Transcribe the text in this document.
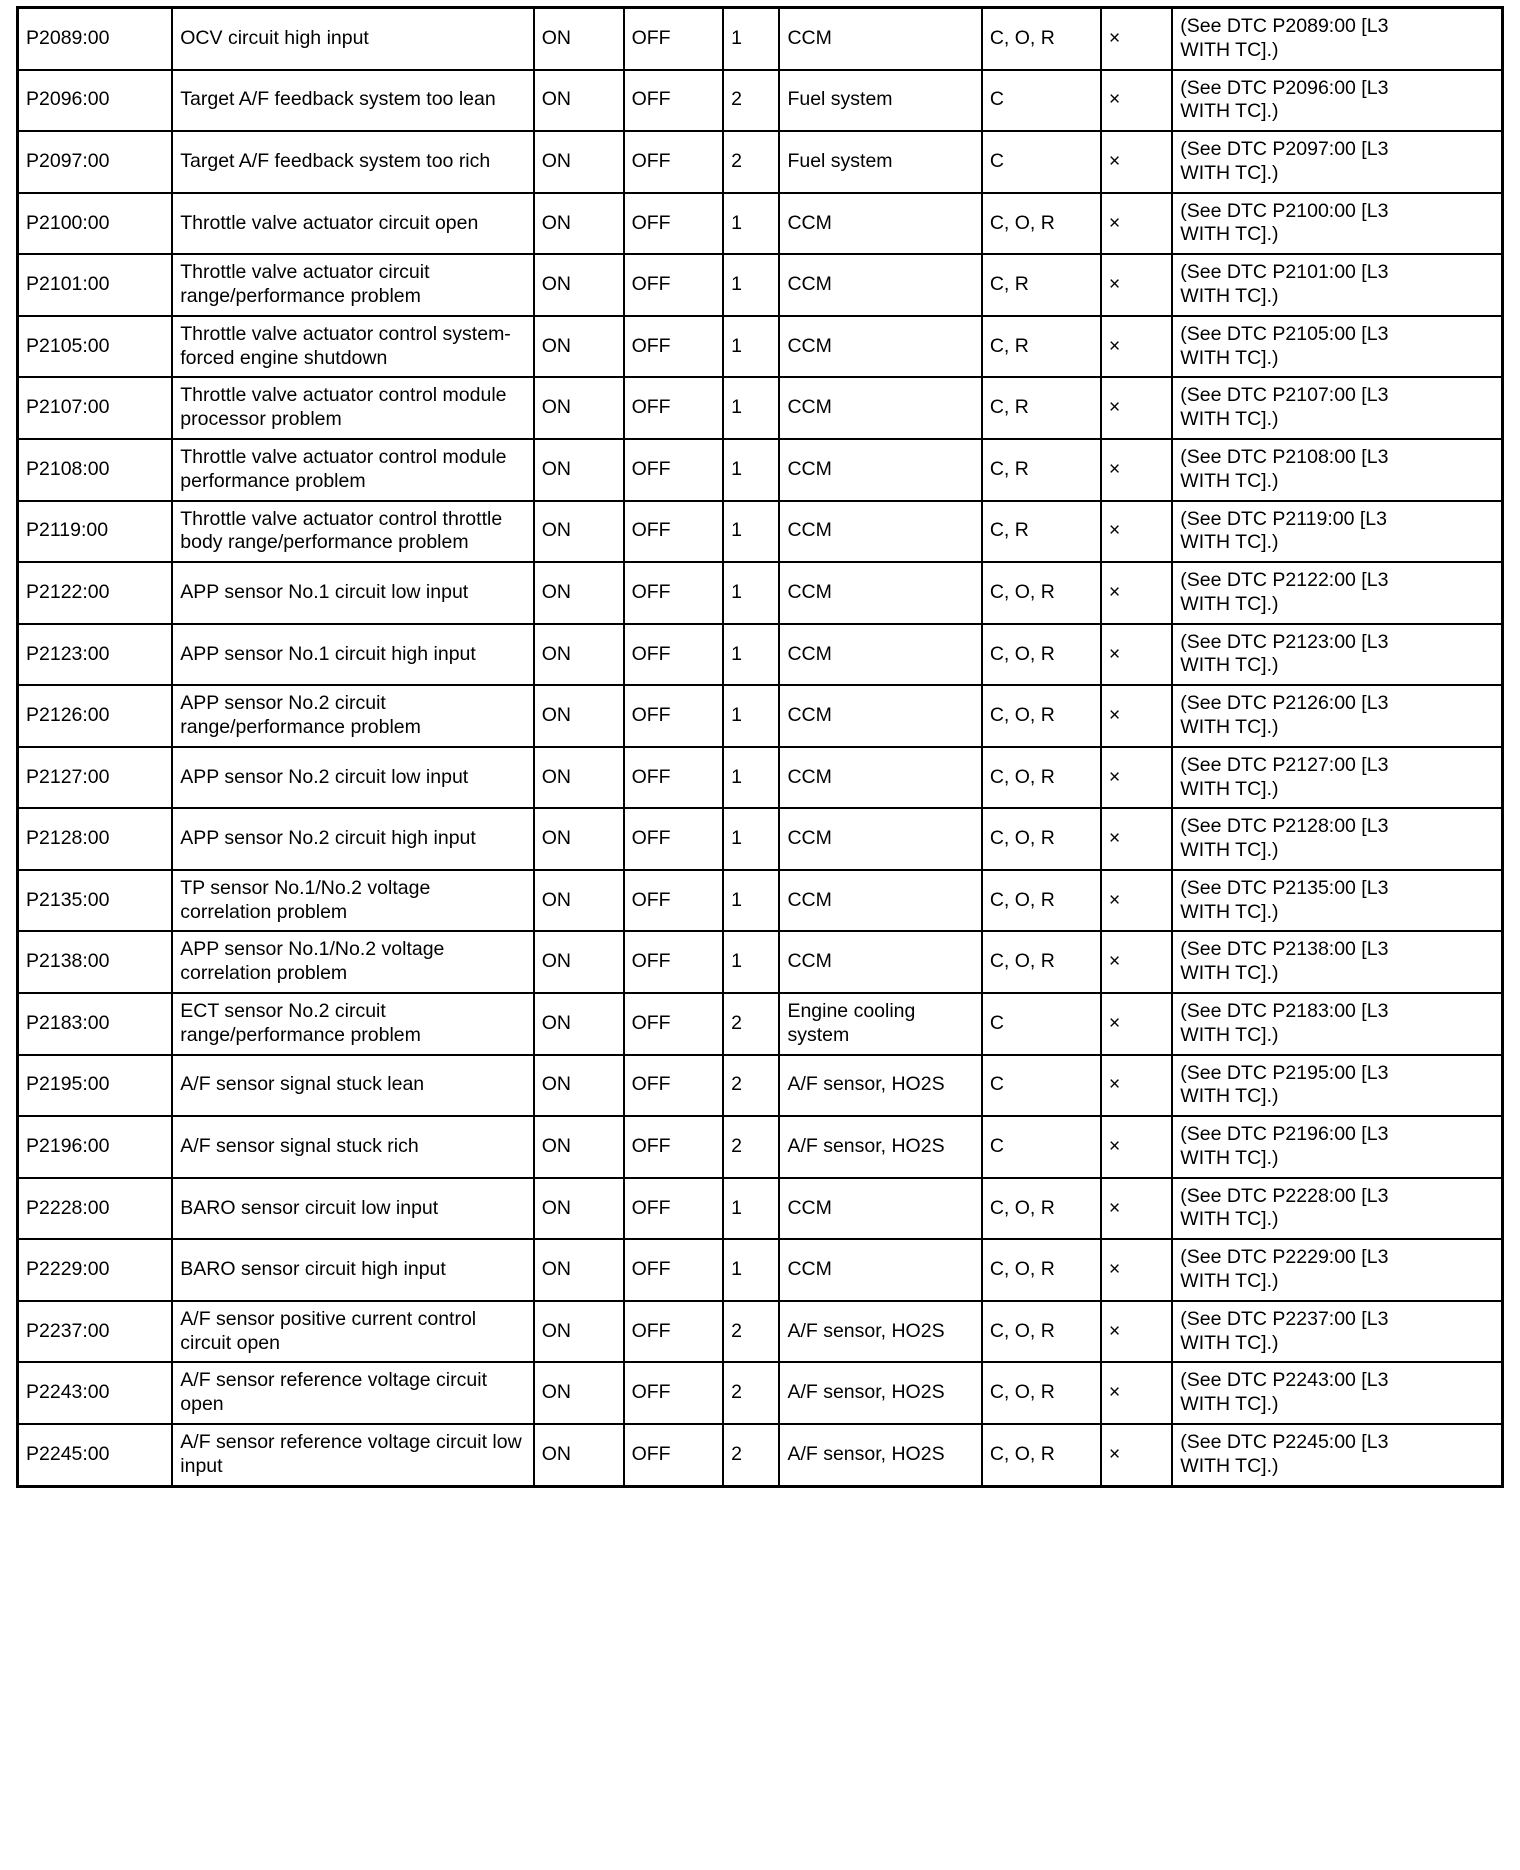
P2089:00	OCV circuit high input	ON	OFF	1	CCM	C, O, R	×	(See DTC P2089:00 [L3
WITH TC].)

P2096:00	Target A/F feedback system too lean	ON	OFF	2	Fuel system	C	×	(See DTC P2096:00 [L3
WITH TC].)

P2097:00	Target A/F feedback system too rich	ON	OFF	2	Fuel system	C	×	(See DTC P2097:00 [L3
WITH TC].)

P2100:00	Throttle valve actuator circuit open	ON	OFF	1	CCM	C, O, R	×	(See DTC P2100:00 [L3
WITH TC].)

P2101:00	Throttle valve actuator circuit range/performance problem	ON	OFF	1	CCM	C, R	×	(See DTC P2101:00 [L3
WITH TC].)

P2105:00	Throttle valve actuator control system-forced engine shutdown	ON	OFF	1	CCM	C, R	×	(See DTC P2105:00 [L3
WITH TC].)

P2107:00	Throttle valve actuator control module processor problem	ON	OFF	1	CCM	C, R	×	(See DTC P2107:00 [L3
WITH TC].)

P2108:00	Throttle valve actuator control module performance problem	ON	OFF	1	CCM	C, R	×	(See DTC P2108:00 [L3
WITH TC].)

P2119:00	Throttle valve actuator control throttle body range/performance problem	ON	OFF	1	CCM	C, R	×	(See DTC P2119:00 [L3
WITH TC].)

P2122:00	APP sensor No.1 circuit low input	ON	OFF	1	CCM	C, O, R	×	(See DTC P2122:00 [L3
WITH TC].)

P2123:00	APP sensor No.1 circuit high input	ON	OFF	1	CCM	C, O, R	×	(See DTC P2123:00 [L3
WITH TC].)

P2126:00	APP sensor No.2 circuit range/performance problem	ON	OFF	1	CCM	C, O, R	×	(See DTC P2126:00 [L3
WITH TC].)

P2127:00	APP sensor No.2 circuit low input	ON	OFF	1	CCM	C, O, R	×	(See DTC P2127:00 [L3
WITH TC].)

P2128:00	APP sensor No.2 circuit high input	ON	OFF	1	CCM	C, O, R	×	(See DTC P2128:00 [L3
WITH TC].)

P2135:00	TP sensor No.1/No.2 voltage correlation problem	ON	OFF	1	CCM	C, O, R	×	(See DTC P2135:00 [L3
WITH TC].)

P2138:00	APP sensor No.1/No.2 voltage correlation problem	ON	OFF	1	CCM	C, O, R	×	(See DTC P2138:00 [L3
WITH TC].)

P2183:00	ECT sensor No.2 circuit range/performance problem	ON	OFF	2	Engine cooling system	C	×	(See DTC P2183:00 [L3
WITH TC].)

P2195:00	A/F sensor signal stuck lean	ON	OFF	2	A/F sensor, HO2S	C	×	(See DTC P2195:00 [L3
WITH TC].)

P2196:00	A/F sensor signal stuck rich	ON	OFF	2	A/F sensor, HO2S	C	×	(See DTC P2196:00 [L3
WITH TC].)

P2228:00	BARO sensor circuit low input	ON	OFF	1	CCM	C, O, R	×	(See DTC P2228:00 [L3
WITH TC].)

P2229:00	BARO sensor circuit high input	ON	OFF	1	CCM	C, O, R	×	(See DTC P2229:00 [L3
WITH TC].)

P2237:00	A/F sensor positive current control circuit open	ON	OFF	2	A/F sensor, HO2S	C, O, R	×	(See DTC P2237:00 [L3
WITH TC].)

P2243:00	A/F sensor reference voltage circuit open	ON	OFF	2	A/F sensor, HO2S	C, O, R	×	(See DTC P2243:00 [L3
WITH TC].)

P2245:00	A/F sensor reference voltage circuit low input	ON	OFF	2	A/F sensor, HO2S	C, O, R	×	(See DTC P2245:00 [L3
WITH TC].)
